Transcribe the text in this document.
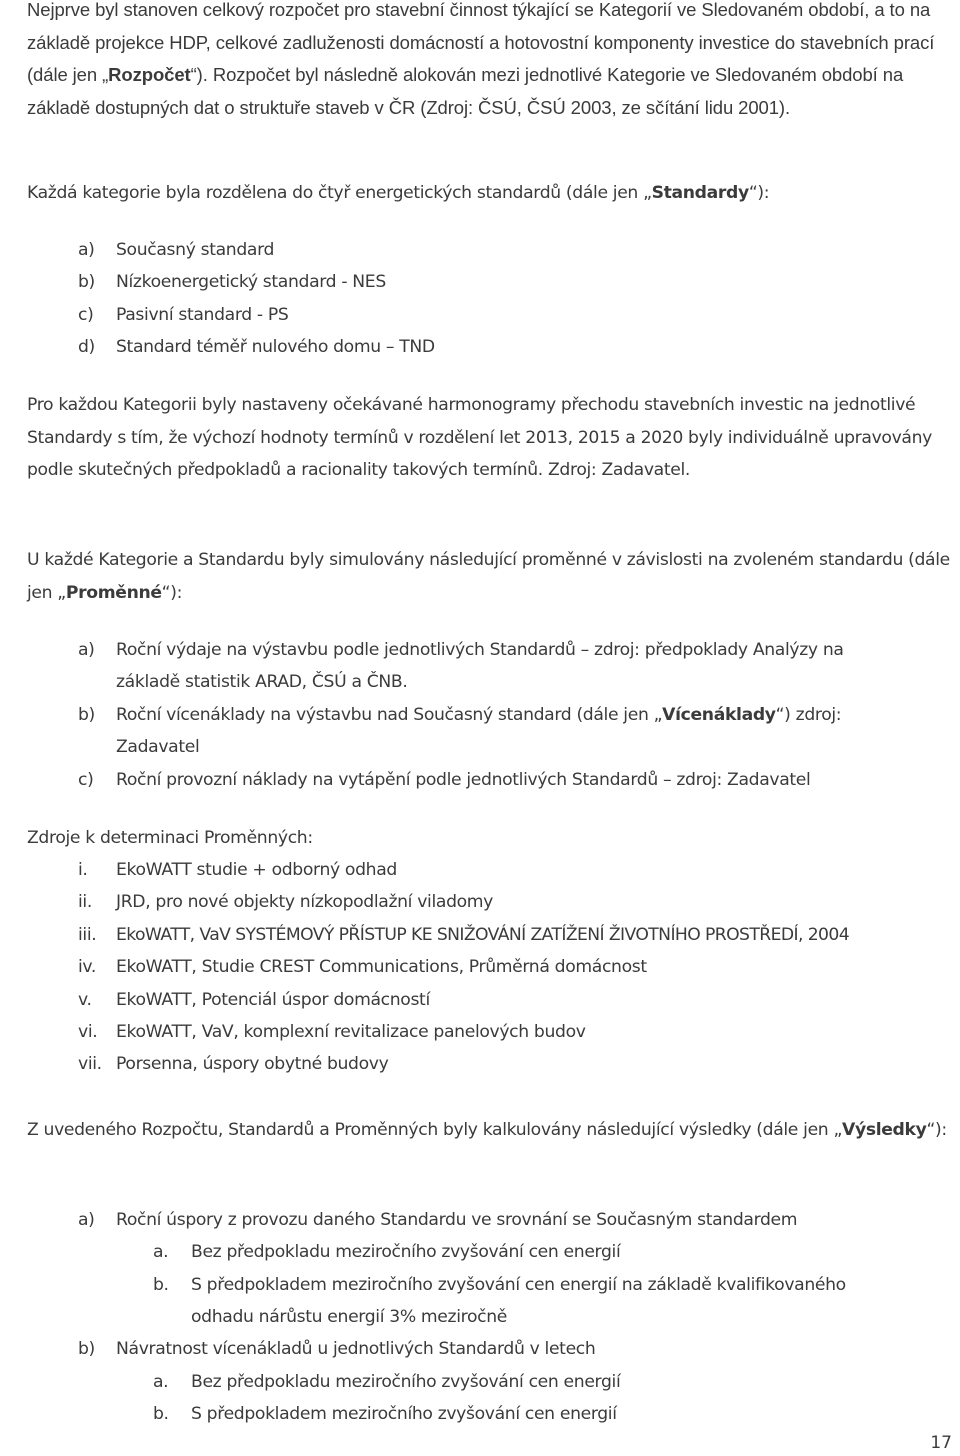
Nejprve byl stanoven celkový rozpočet pro stavební činnost týkající se Kategorií ve Sledovaném období, a to na základě projekce HDP, celkové zadluženosti domácností a hotovostní komponenty investice do stavebních prací (dále jen „Rozpočet“). Rozpočet byl následně alokován mezi jednotlivé Kategorie ve Sledovaném období na základě dostupných dat o struktuře staveb v ČR (Zdroj: ČSÚ, ČSÚ 2003, ze sčítání lidu 2001).
Každá kategorie byla rozdělena do čtyř energetických standardů (dále jen „Standardy“):
a) Současný standard
b) Nízkoenergetický standard - NES
c) Pasivní standard - PS
d) Standard téměř nulového domu – TND
Pro každou Kategorii byly nastaveny očekávané harmonogramy přechodu stavebních investic na jednotlivé Standardy s tím, že výchozí hodnoty termínů v rozdělení let 2013, 2015 a 2020 byly individuálně upravovány podle skutečných předpokladů a racionality takových termínů. Zdroj: Zadavatel.
U každé Kategorie a Standardu byly simulovány následující proměnné v závislosti na zvoleném standardu (dále jen „Proměnné“):
a) Roční výdaje na výstavbu podle jednotlivých Standardů – zdroj: předpoklady Analýzy na
základě statistik ARAD, ČSÚ a ČNB.
b) Roční vícenáklady na výstavbu nad Současný standard (dále jen „Vícenáklady“) zdroj:
Zadavatel
c) Roční provozní náklady na vytápění podle jednotlivých Standardů – zdroj: Zadavatel
Zdroje k determinaci Proměnných:
i. EkoWATT studie + odborný odhad
ii. JRD, pro nové objekty nízkopodlažní viladomy
iii. EkoWATT, VaV SYSTÉMOVÝ PŘÍSTUP KE SNIŽOVÁNÍ ZATÍŽENÍ ŽIVOTNÍHO PROSTŘEDÍ, 2004
iv. EkoWATT, Studie CREST Communications, Průměrná domácnost
v. EkoWATT, Potenciál úspor domácností
vi. EkoWATT, VaV, komplexní revitalizace panelových budov
vii. Porsenna, úspory obytné budovy
Z uvedeného Rozpočtu, Standardů a Proměnných byly kalkulovány následující výsledky (dále jen „Výsledky“):
a) Roční úspory z provozu daného Standardu ve srovnání se Současným standardem
a. Bez předpokladu meziročního zvyšování cen energií
b. S předpokladem meziročního zvyšování cen energií na základě kvalifikovaného
odhadu nárůstu energií 3% meziročně
b) Návratnost vícenákladů u jednotlivých Standardů v letech
a. Bez předpokladu meziročního zvyšování cen energií
b. S předpokladem meziročního zvyšování cen energií
17
